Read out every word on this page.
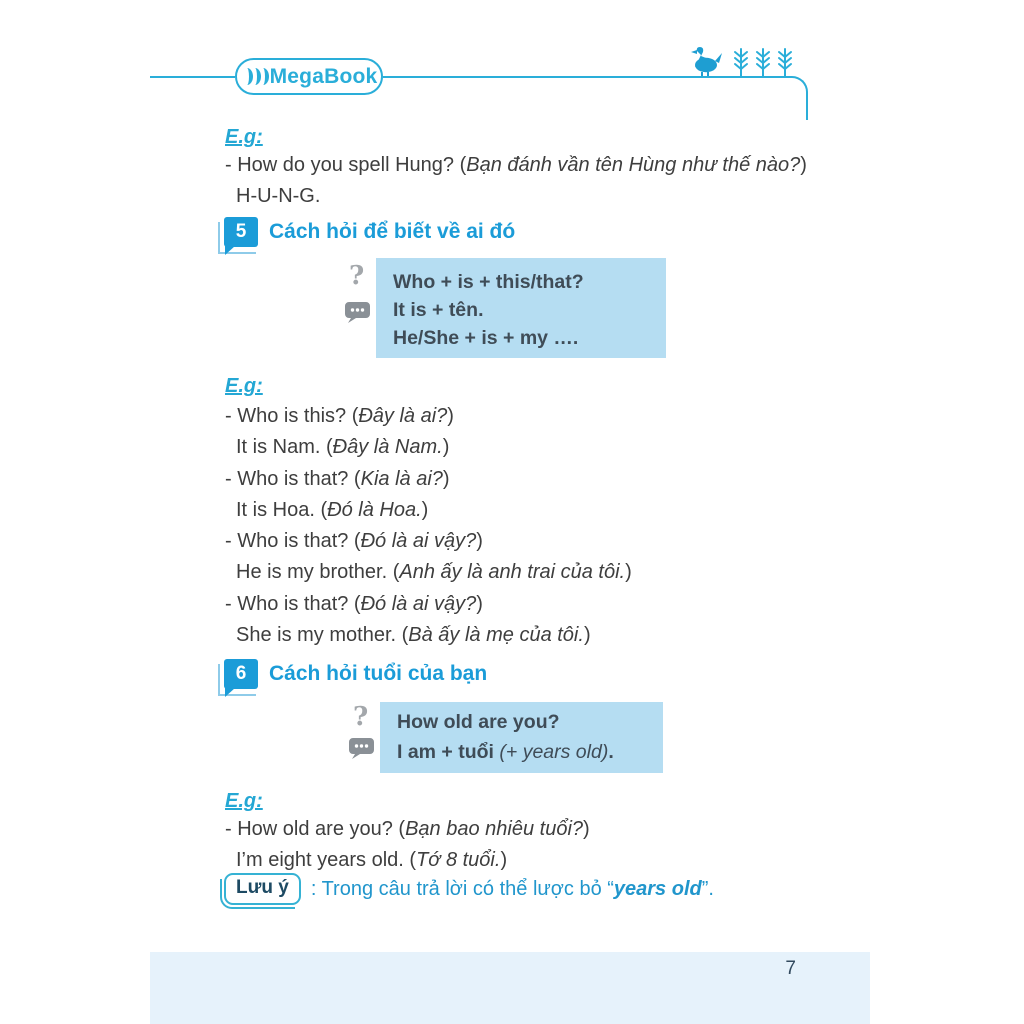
MegaBook
E.g:
- How do you spell Hung? (Bạn đánh vần tên Hùng như thế nào?)
H-U-N-G.
5	Cách hỏi để biết về ai đó
? Who + is + this/that?
It is + tên.
He/She + is + my ….
E.g:
- Who is this? (Đây là ai?)
It is Nam. (Đây là Nam.)
- Who is that? (Kia là ai?)
It is Hoa. (Đó là Hoa.)
- Who is that? (Đó là ai vậy?)
He is my brother. (Anh ấy là anh trai của tôi.)
- Who is that? (Đó là ai vậy?)
She is my mother. (Bà ấy là mẹ của tôi.)
6	Cách hỏi tuổi của bạn
? How old are you?
I am + tuổi (+ years old).
E.g:
- How old are you? (Bạn bao nhiêu tuổi?)
I’m eight years old. (Tớ 8 tuổi.)
Lưu ý	: Trong câu trả lời có thể lược bỏ “years old”.
7
